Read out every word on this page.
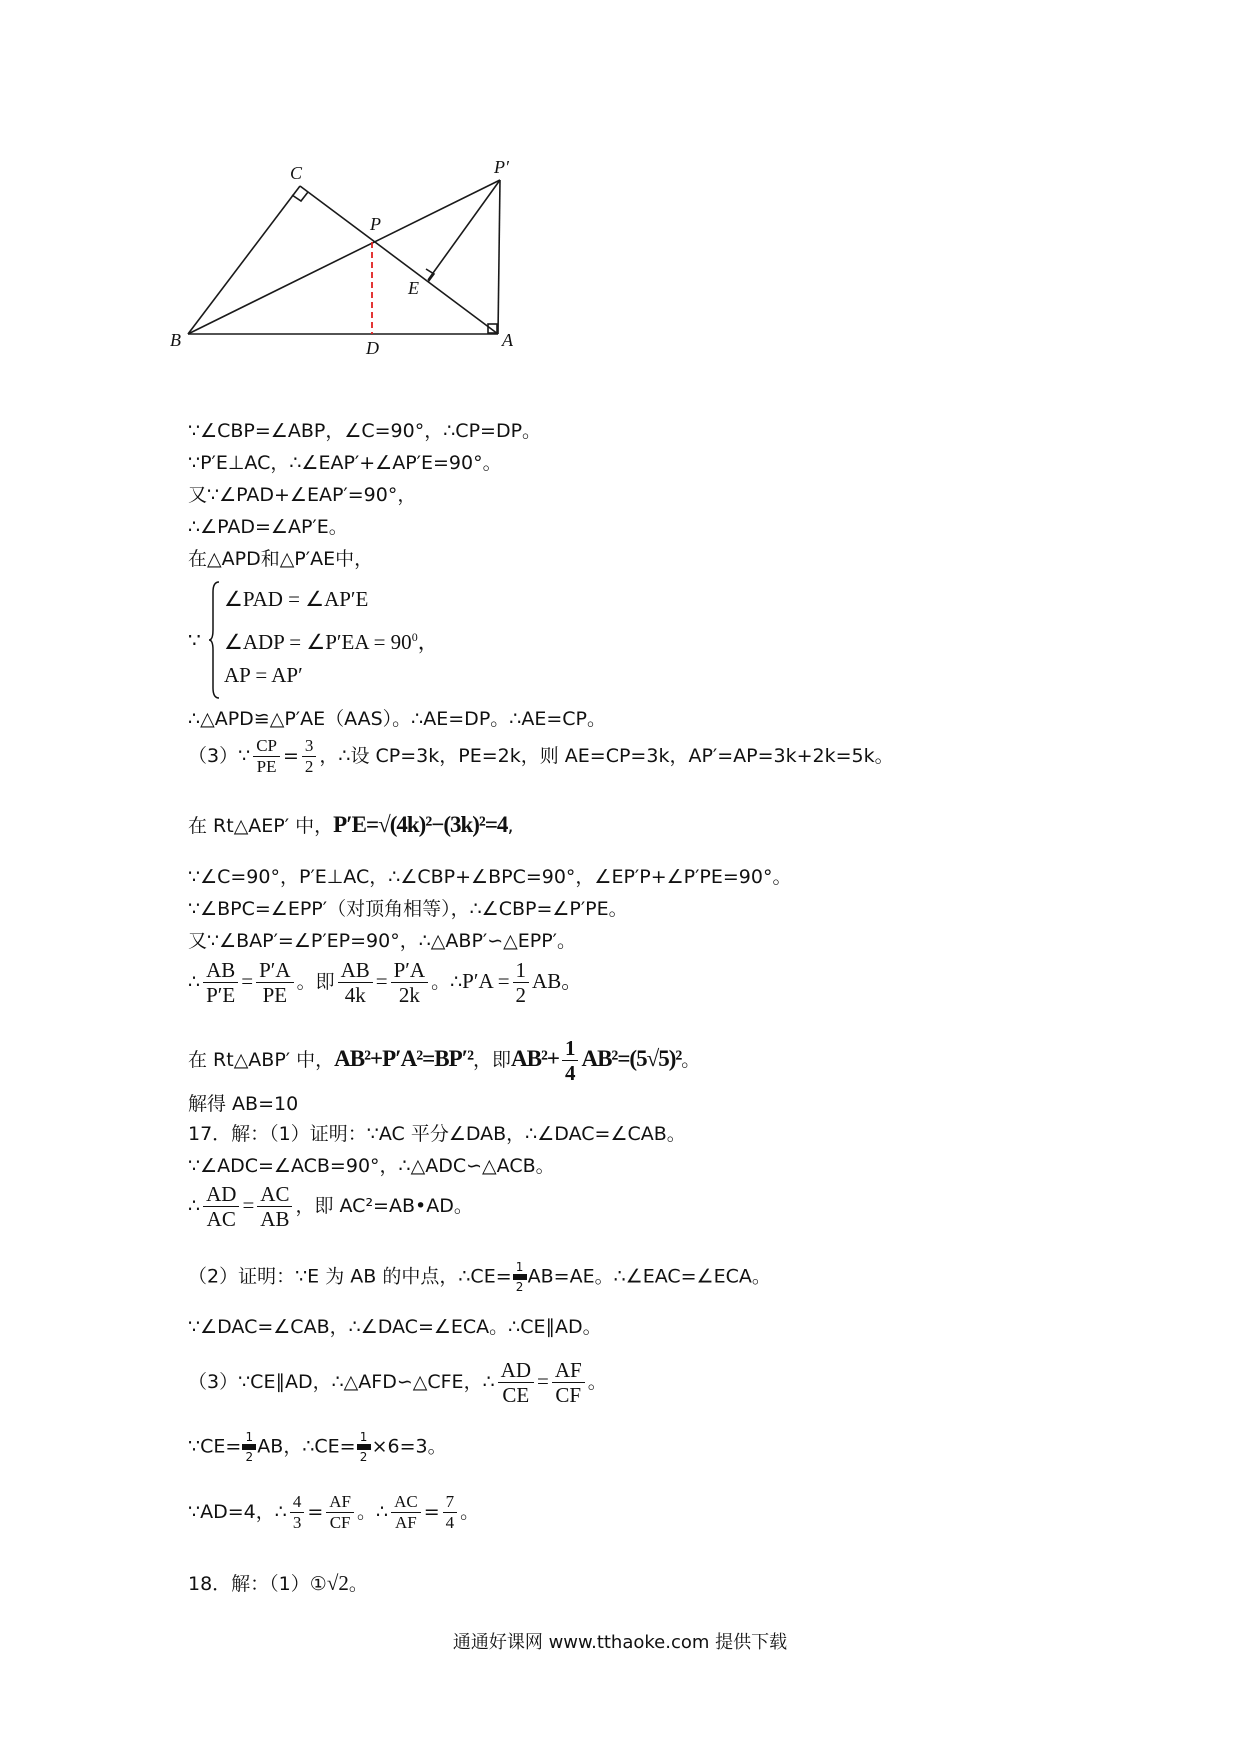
C	P′
P
E
B	D	A
∵∠CBP=∠ABP，∠C=90°，∴CP=DP。
∵P′E⊥AC，∴∠EAP′+∠AP′E=90°。
又∵∠PAD+∠EAP′=90°，
∴∠PAD=∠AP′E。
在△APD和△P′AE中，
∵
∠PAD = ∠AP′E
∠ADP = ∠P′EA = $90^0$，
AP = AP′
∴△APD≌△P′AE（AAS）。∴AE=DP。∴AE=CP。
（3）∵ $\frac{CP}{PE} = \frac{3}{2}$ ，∴设 CP=3k，PE=2k，则 AE=CP=3k，AP′=AP=3k+2k=5k。
在 Rt△AEP′ 中，P′E=√(4k)²−(3k)²=4,
∵∠C=90°，P′E⊥AC，∴∠CBP+∠BPC=90°，∠EP′P+∠P′PE=90°。
∵∠BPC=∠EPP′（对顶角相等），∴∠CBP=∠P′PE。
又∵∠BAP′=∠P′EP=90°，∴△ABP′∽△EPP′。
∴ $\frac{AB}{P'E} = \frac{P'A}{PE}$ 。即 $\frac{AB}{4k} = \frac{P'A}{2k}$ 。∴P′A = $\frac{1}{2}$ AB。
在 Rt△ABP′ 中，AB²+P′A²=BP′²，即$AB^2+ \frac{1}{4} AB^2=(5√5)^2$。
解得 AB=10
17．解：（1）证明：∵AC 平分∠DAB，∴∠DAC=∠CAB。
∵∠ADC=∠ACB=90°，∴△ADC∽△ACB。
∴ $\frac{AD}{AC} = \frac{AC}{AB}$ ，即 AC²=AB•AD。
（2）证明：∵E 为 AB 的中点，∴CE= 1
2 AB=AE。∴∠EAC=∠ECA。
∵∠DAC=∠CAB，∴∠DAC=∠ECA。∴CE∥AD。
（3）∵CE∥AD，∴△AFD∽△CFE，∴ $\frac{AD}{CE} = \frac{AF}{CF}$ 。
∵CE= 1
2 AB，∴CE= 1
2 ×6=3。
∵AD=4，∴ $\frac{4}{3} = \frac{AF}{CF}$ 。∴ $\frac{AC}{AF} = \frac{7}{4}$ 。
18．解：（1）①√2。
通通好课网 www.tthaoke.com 提供下载
